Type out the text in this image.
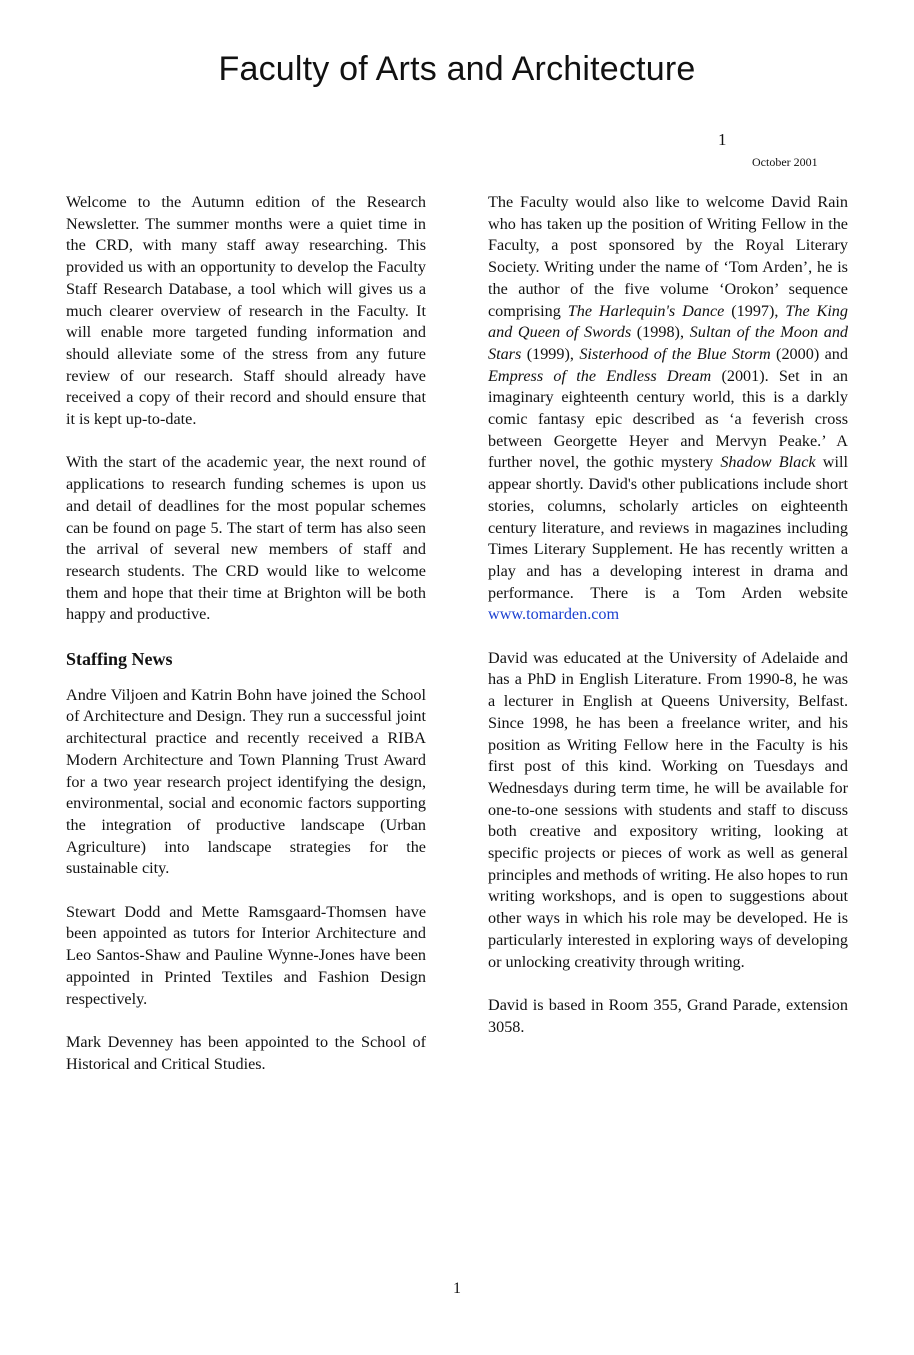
Faculty of Arts and Architecture
1
October 2001

Welcome to the Autumn edition of the Research Newsletter. The summer months were a quiet time in the CRD, with many staff away researching. This provided us with an opportunity to develop the Faculty Staff Research Database, a tool which will gives us a much clearer overview of research in the Faculty. It will enable more targeted funding information and should alleviate some of the stress from any future review of our research. Staff should already have received a copy of their record and should ensure that it is kept up-to-date.

With the start of the academic year, the next round of applications to research funding schemes is upon us and detail of deadlines for the most popular schemes can be found on page 5. The start of term has also seen the arrival of several new members of staff and research students. The CRD would like to welcome them and hope that their time at Brighton will be both happy and productive.

Staffing News

Andre Viljoen and Katrin Bohn have joined the School of Architecture and Design. They run a successful joint architectural practice and recently received a RIBA Modern Architecture and Town Planning Trust Award for a two year research project identifying the design, environmental, social and economic factors supporting the integration of productive landscape (Urban Agriculture) into landscape strategies for the sustainable city.

Stewart Dodd and Mette Ramsgaard-Thomsen have been appointed as tutors for Interior Architecture and Leo Santos-Shaw and Pauline Wynne-Jones have been appointed in Printed Textiles and Fashion Design respectively.

Mark Devenney has been appointed to the School of Historical and Critical Studies.

The Faculty would also like to welcome David Rain who has taken up the position of Writing Fellow in the Faculty, a post sponsored by the Royal Literary Society. Writing under the name of ‘Tom Arden’, he is the author of the five volume ‘Orokon’ sequence comprising The Harlequin's Dance (1997), The King and Queen of Swords (1998), Sultan of the Moon and Stars (1999), Sisterhood of the Blue Storm (2000) and Empress of the Endless Dream (2001). Set in an imaginary eighteenth century world, this is a darkly comic fantasy epic described as ‘a feverish cross between Georgette Heyer and Mervyn Peake.’ A further novel, the gothic mystery Shadow Black will appear shortly. David's other publications include short stories, columns, scholarly articles on eighteenth century literature, and reviews in magazines including Times Literary Supplement. He has recently written a play and has a developing interest in drama and performance. There is a Tom Arden website www.tomarden.com

David was educated at the University of Adelaide and has a PhD in English Literature. From 1990-8, he was a lecturer in English at Queens University, Belfast. Since 1998, he has been a freelance writer, and his position as Writing Fellow here in the Faculty is his first post of this kind. Working on Tuesdays and Wednesdays during term time, he will be available for one-to-one sessions with students and staff to discuss both creative and expository writing, looking at specific projects or pieces of work as well as general principles and methods of writing. He also hopes to run writing workshops, and is open to suggestions about other ways in which his role may be developed. He is particularly interested in exploring ways of developing or unlocking creativity through writing.

David is based in Room 355, Grand Parade, extension 3058.

1
